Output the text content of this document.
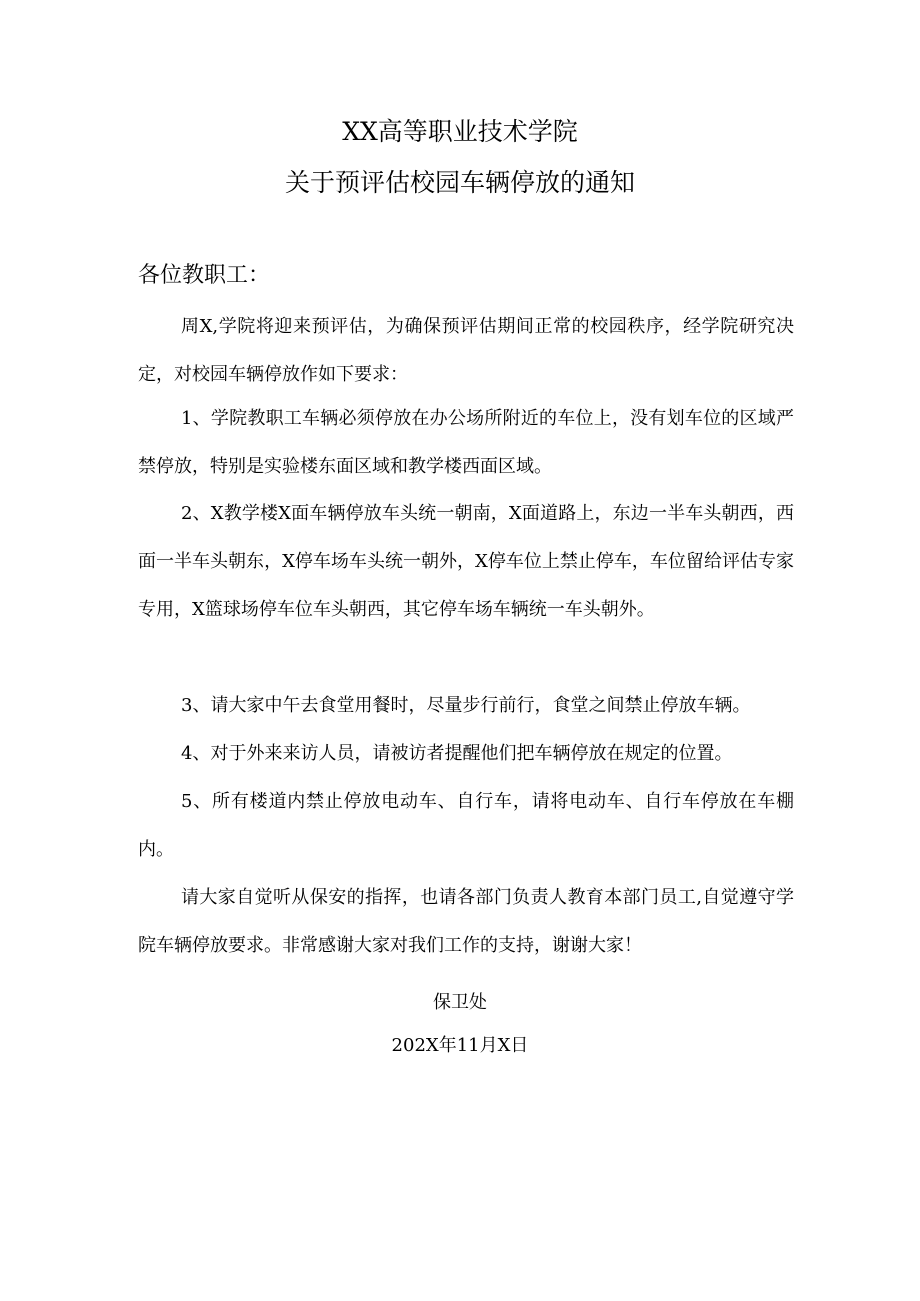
XX高等职业技术学院
关于预评估校园车辆停放的通知
各位教职工：

周X,学院将迎来预评估，为确保预评估期间正常的校园秩序，经学院研究决定，对校园车辆停放作如下要求：

1、学院教职工车辆必须停放在办公场所附近的车位上，没有划车位的区域严禁停放，特别是实验楼东面区域和教学楼西面区域。

2、X教学楼X面车辆停放车头统一朝南，X面道路上，东边一半车头朝西，西面一半车头朝东，X停车场车头统一朝外，X停车位上禁止停车，车位留给评估专家专用，X篮球场停车位车头朝西，其它停车场车辆统一车头朝外。

3、请大家中午去食堂用餐时，尽量步行前行，食堂之间禁止停放车辆。

4、对于外来来访人员，请被访者提醒他们把车辆停放在规定的位置。

5、所有楼道内禁止停放电动车、自行车，请将电动车、自行车停放在车棚内。

请大家自觉听从保安的指挥，也请各部门负责人教育本部门员工,自觉遵守学院车辆停放要求。非常感谢大家对我们工作的支持，谢谢大家！

保卫处
202X年11月X日
